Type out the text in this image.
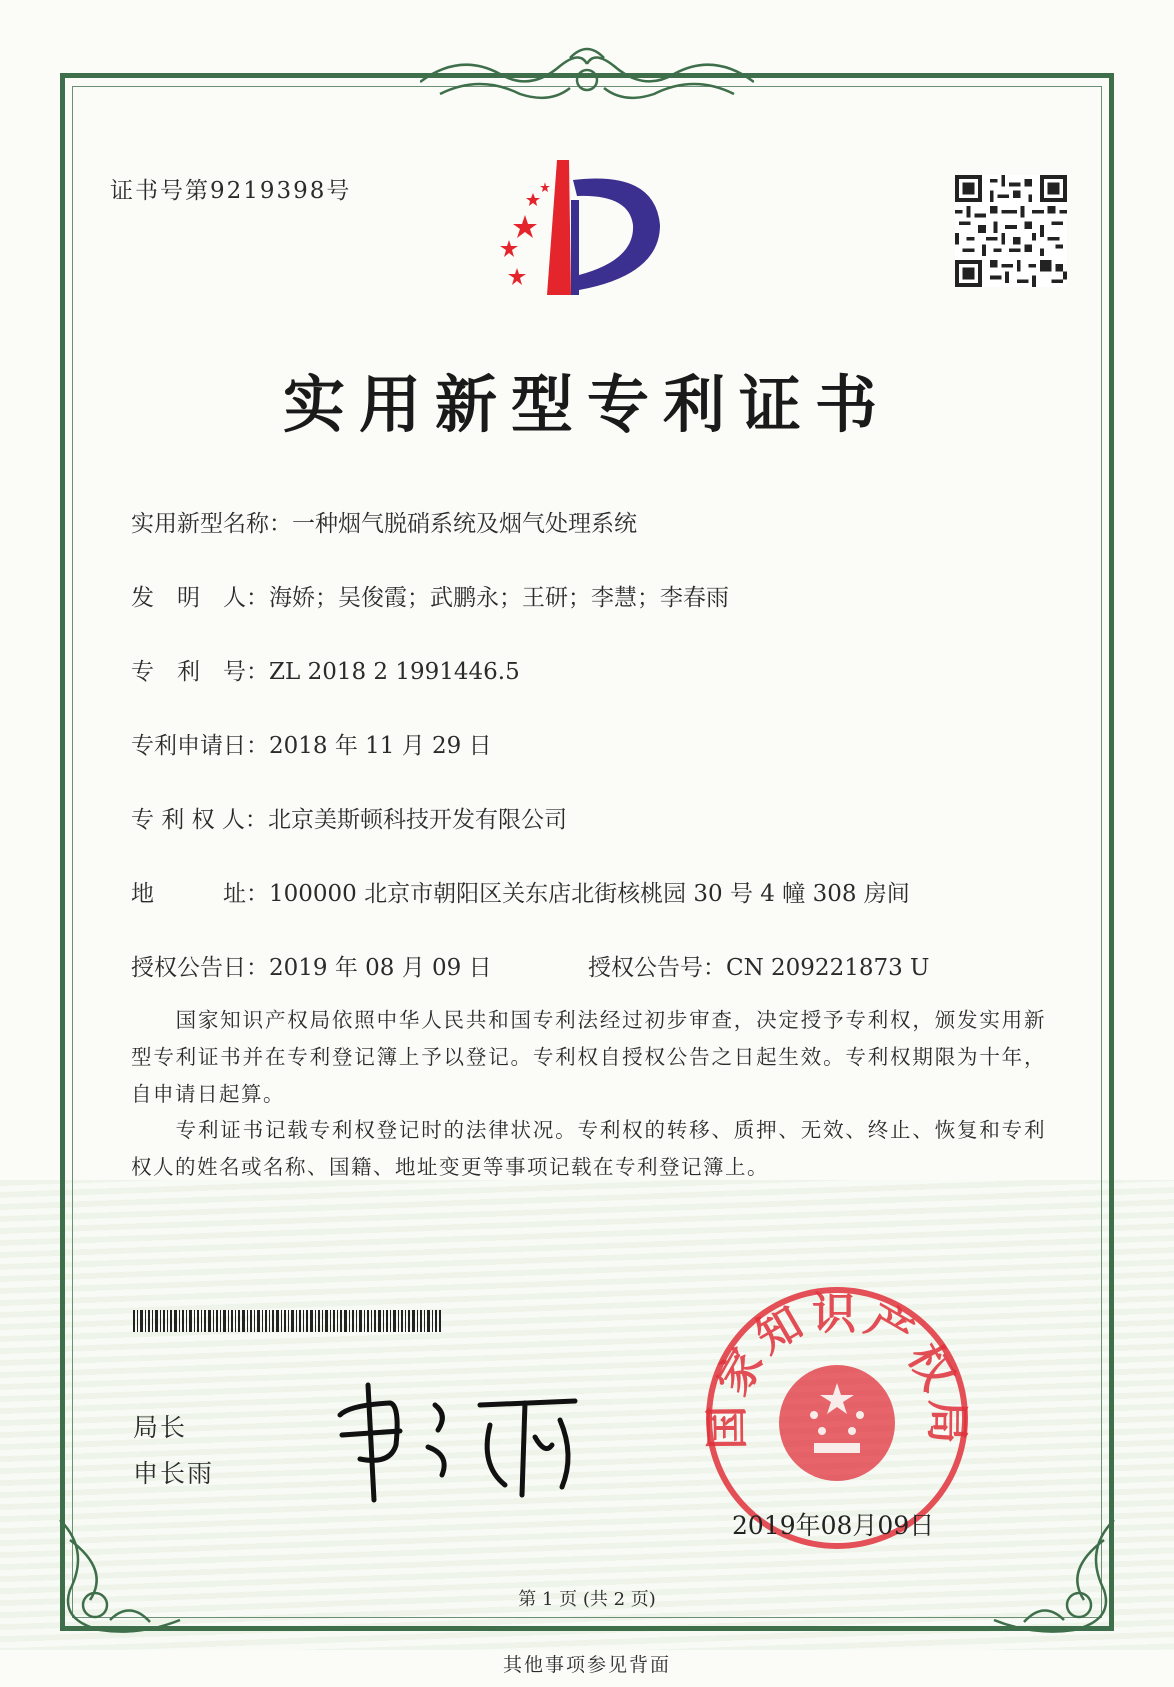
证书号第9219398号
实用新型专利证书
实用新型名称：一种烟气脱硝系统及烟气处理系统
发　明　人：海娇；吴俊霞；武鹏永；王研；李慧；李春雨
专　利　号：ZL 2018 2 1991446.5
专利申请日：2018 年 11 月 29 日
专 利 权 人：北京美斯顿科技开发有限公司
地　　　址：100000 北京市朝阳区关东店北街核桃园 30 号 4 幢 308 房间
授权公告日：2019 年 08 月 09 日	授权公告号：CN 209221873 U
　　国家知识产权局依照中华人民共和国专利法经过初步审查，决定授予专利权，颁发实用新型专利证书并在专利登记簿上予以登记。专利权自授权公告之日起生效。专利权期限为十年，自申请日起算。
　　专利证书记载专利权登记时的法律状况。专利权的转移、质押、无效、终止、恢复和专利权人的姓名或名称、国籍、地址变更等事项记载在专利登记簿上。
局长
申长雨
国家知识产权局
2019年08月09日
第 1 页 (共 2 页)
其他事项参见背面
